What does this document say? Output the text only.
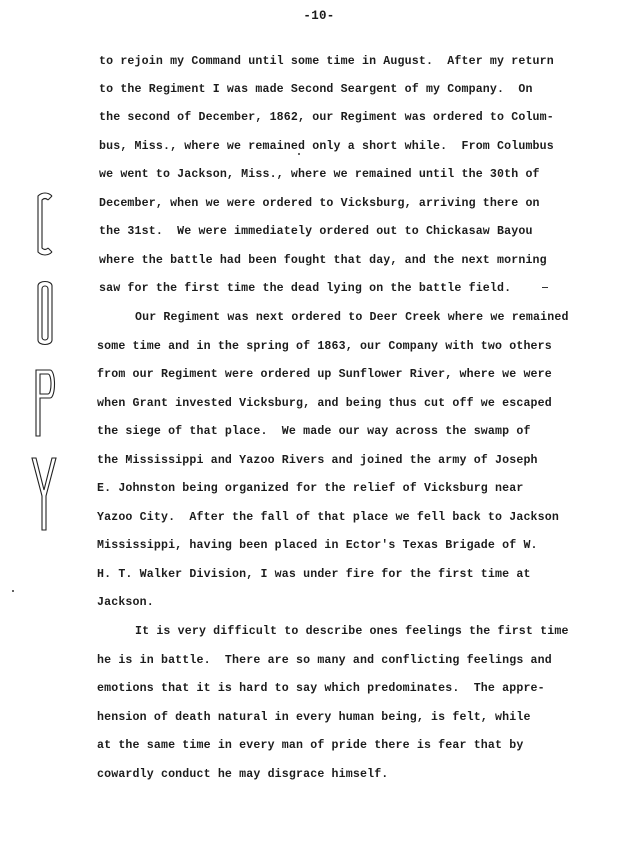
-10-
to rejoin my Command until some time in August.  After my return
to the Regiment I was made Second Seargent of my Company.  On
the second of December, 1862, our Regiment was ordered to Colum-
bus, Miss., where we remained only a short while.  From Columbus
we went to Jackson, Miss., where we remained until the 30th of
December, when we were ordered to Vicksburg, arriving there on
the 31st.  We were immediately ordered out to Chickasaw Bayou
where the battle had been fought that day, and the next morning
saw for the first time the dead lying on the battle field.
Our Regiment was next ordered to Deer Creek where we remained
some time and in the spring of 1863, our Company with two others
from our Regiment were ordered up Sunflower River, where we were
when Grant invested Vicksburg, and being thus cut off we escaped
the siege of that place.  We made our way across the swamp of
the Mississippi and Yazoo Rivers and joined the army of Joseph
E. Johnston being organized for the relief of Vicksburg near
Yazoo City.  After the fall of that place we fell back to Jackson
Mississippi, having been placed in Ector's Texas Brigade of W.
H. T. Walker Division, I was under fire for the first time at
Jackson.
It is very difficult to describe ones feelings the first time
he is in battle.  There are so many and conflicting feelings and
emotions that it is hard to say which predominates.  The appre-
hension of death natural in every human being, is felt, while
at the same time in every man of pride there is fear that by
cowardly conduct he may disgrace himself.
